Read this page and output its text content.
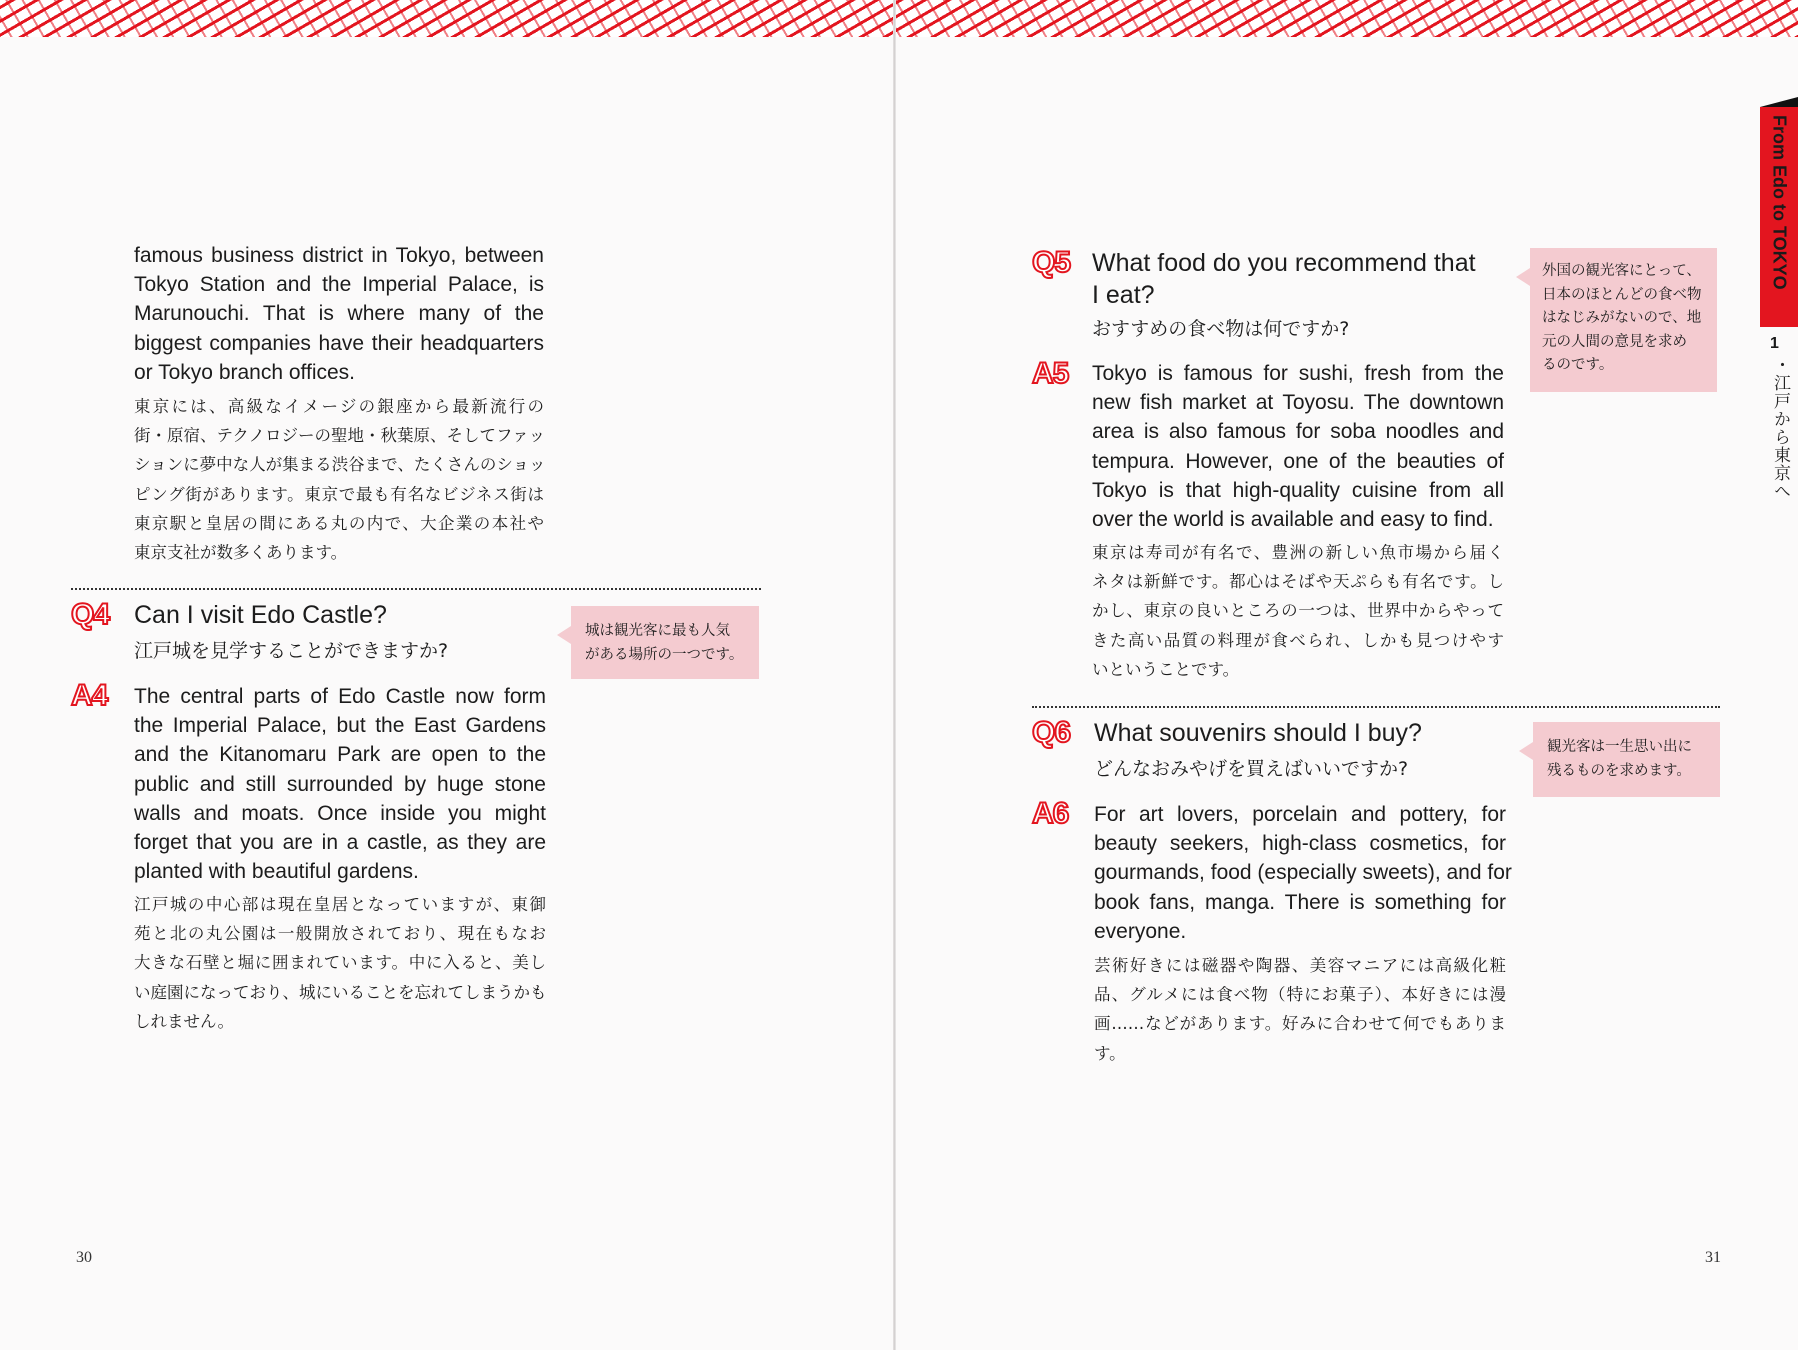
famous business district in Tokyo, between
Tokyo Station and the Imperial Palace, is
Marunouchi. That is where many of the
biggest companies have their headquarters
or Tokyo branch offices.
東京には、高級なイメージの銀座から最新流行の
街・原宿、テクノロジーの聖地・秋葉原、そしてファッ
ションに夢中な人が集まる渋谷まで、たくさんのショッ
ピング街があります。東京で最も有名なビジネス街は
東京駅と皇居の間にある丸の内で、大企業の本社や
東京支社が数多くあります。
Q4 Can I visit Edo Castle?
江戸城を見学することができますか?
城は観光客に最も人気
がある場所の一つです。
A4 The central parts of Edo Castle now form
the Imperial Palace, but the East Gardens
and the Kitanomaru Park are open to the
public and still surrounded by huge stone
walls and moats. Once inside you might
forget that you are in a castle, as they are
planted with beautiful gardens.
江戸城の中心部は現在皇居となっていますが、東御
苑と北の丸公園は一般開放されており、現在もなお
大きな石壁と堀に囲まれています。中に入ると、美し
い庭園になっており、城にいることを忘れてしまうかも
しれません。
30
Q5 What food do you recommend that
I eat?
おすすめの食べ物は何ですか?
外国の観光客にとって、
日本のほとんどの食べ物
はなじみがないので、地
元の人間の意見を求め
るのです。
A5 Tokyo is famous for sushi, fresh from the
new fish market at Toyosu. The downtown
area is also famous for soba noodles and
tempura. However, one of the beauties of
Tokyo is that high-quality cuisine from all
over the world is available and easy to find.
東京は寿司が有名で、豊洲の新しい魚市場から届く
ネタは新鮮です。都心はそばや天ぷらも有名です。し
かし、東京の良いところの一つは、世界中からやって
きた高い品質の料理が食べられ、しかも見つけやす
いということです。
Q6 What souvenirs should I buy?
どんなおみやげを買えばいいですか?
観光客は一生思い出に
残るものを求めます。
A6 For art lovers, porcelain and pottery, for
beauty seekers, high-class cosmetics, for
gourmands, food (especially sweets), and for
book fans, manga. There is something for
everyone.
芸術好きには磁器や陶器、美容マニアには高級化粧
品、グルメには食べ物（特にお菓子）、本好きには漫
画……などがあります。好みに合わせて何でもありま
す。
31
From Edo to TOKYO
1
・江戸から東京へ
